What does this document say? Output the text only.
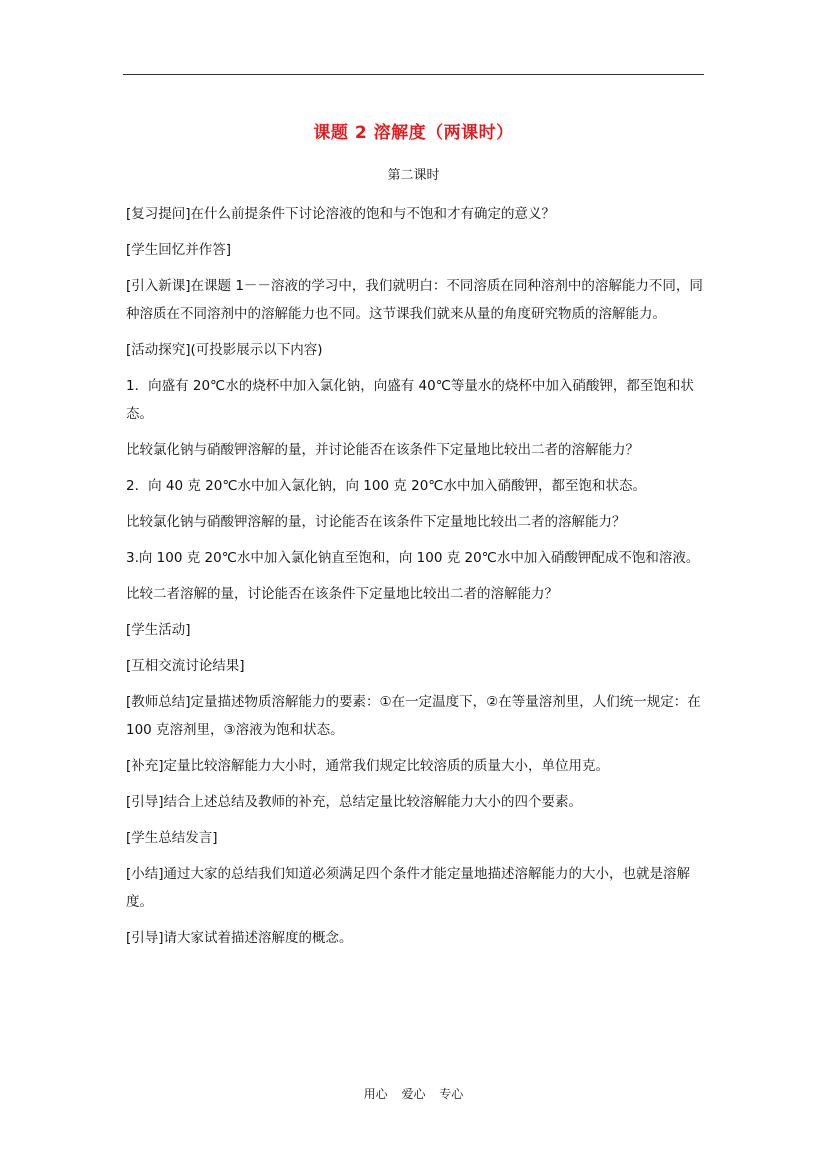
课题 2 溶解度（两课时）
第二课时

[复习提问]在什么前提条件下讨论溶液的饱和与不饱和才有确定的意义？

[学生回忆并作答]

[引入新课]在课题 1－－溶液的学习中，我们就明白：不同溶质在同种溶剂中的溶解能力不同，同种溶质在不同溶剂中的溶解能力也不同。这节课我们就来从量的角度研究物质的溶解能力。

[活动探究](可投影展示以下内容)

1．向盛有 20℃水的烧杯中加入氯化钠，向盛有 40℃等量水的烧杯中加入硝酸钾，都至饱和状态。

比较氯化钠与硝酸钾溶解的量，并讨论能否在该条件下定量地比较出二者的溶解能力？

2．向 40 克 20℃水中加入氯化钠，向 100 克 20℃水中加入硝酸钾，都至饱和状态。

比较氯化钠与硝酸钾溶解的量，讨论能否在该条件下定量地比较出二者的溶解能力？

3.向 100 克 20℃水中加入氯化钠直至饱和，向 100 克 20℃水中加入硝酸钾配成不饱和溶液。

比较二者溶解的量，讨论能否在该条件下定量地比较出二者的溶解能力？

[学生活动]

[互相交流讨论结果]

[教师总结]定量描述物质溶解能力的要素：①在一定温度下，②在等量溶剂里，人们统一规定：在 100 克溶剂里，③溶液为饱和状态。

[补充]定量比较溶解能力大小时，通常我们规定比较溶质的质量大小，单位用克。

[引导]结合上述总结及教师的补充，总结定量比较溶解能力大小的四个要素。

[学生总结发言]

[小结]通过大家的总结我们知道必须满足四个条件才能定量地描述溶解能力的大小，也就是溶解度。

[引导]请大家试着描述溶解度的概念。

用心 爱心 专心
